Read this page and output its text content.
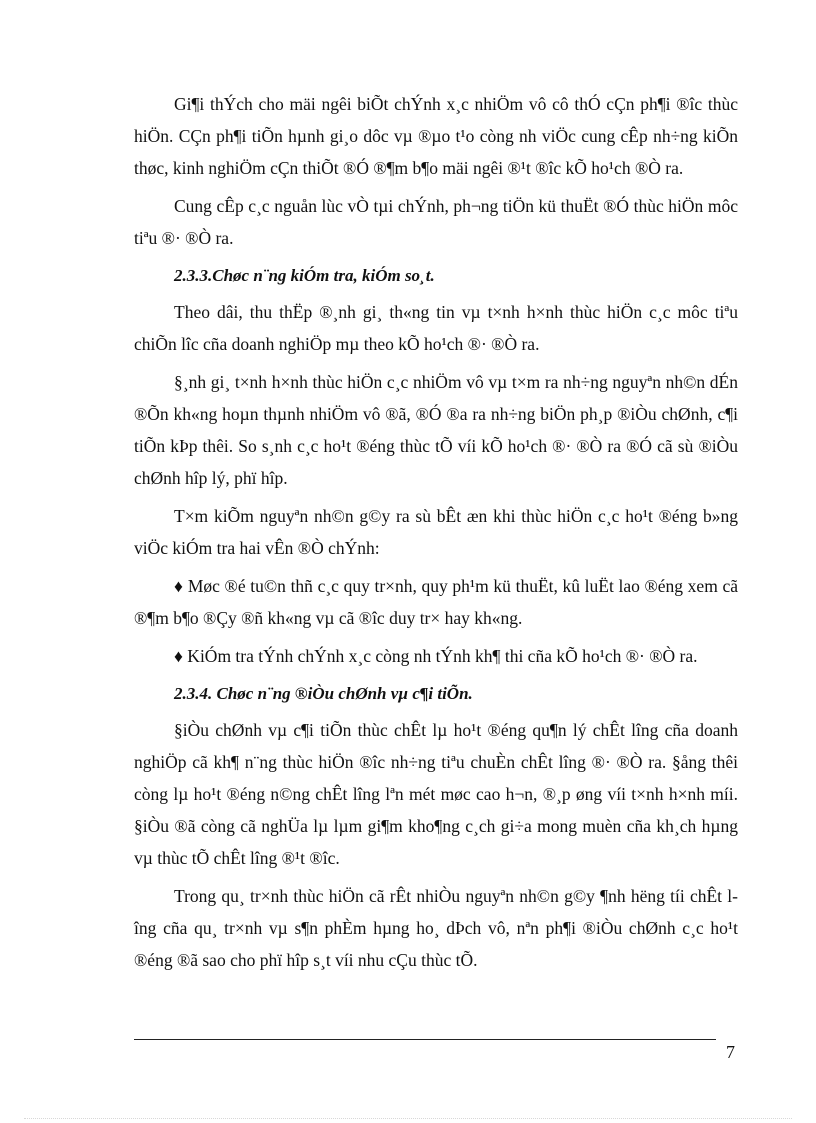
Gi¶i thÝch cho mäi ngêi biÕt chÝnh x¸c nhiÖm vô cô thÓ cÇn ph¶i ®îc thùc hiÖn. CÇn ph¶i tiÕn hµnh gi¸o dôc vµ ®µo t¹o còng nh viÖc cung cÊp nh÷ng kiÕn thøc, kinh nghiÖm cÇn thiÕt ®Ó ®¶m b¶o mäi ngêi ®¹t ®îc kÕ ho¹ch ®Ò ra.

Cung cÊp c¸c nguån lùc vÒ tµi chÝnh, ph¬ng tiÖn kü thuËt ®Ó thùc hiÖn môc tiªu ®· ®Ò ra.

2.3.3.Chøc n¨ng kiÓm tra, kiÓm so¸t.

Theo dâi, thu thËp ®¸nh gi¸ th«ng tin vµ t×nh h×nh thùc hiÖn c¸c môc tiªu chiÕn lîc cña doanh nghiÖp mµ theo kÕ ho¹ch ®· ®Ò ra.

§¸nh gi¸ t×nh h×nh thùc hiÖn c¸c nhiÖm vô vµ t×m ra nh÷ng nguyªn nh©n dÉn ®Õn kh«ng hoµn thµnh nhiÖm vô ®ã, ®Ó ®a ra nh÷ng biÖn ph¸p ®iÒu chØnh, c¶i tiÕn kÞp thêi. So s¸nh c¸c ho¹t ®éng thùc tÕ víi kÕ ho¹ch ®· ®Ò ra ®Ó cã sù ®iÒu chØnh hîp lý, phï hîp.

T×m kiÕm nguyªn nh©n g©y ra sù bÊt æn khi thùc hiÖn c¸c ho¹t ®éng b»ng viÖc kiÓm tra hai vÊn ®Ò chÝnh:

♦ Møc ®é tu©n thñ c¸c quy tr×nh, quy ph¹m kü thuËt, kû luËt lao ®éng xem cã ®¶m b¶o ®Çy ®ñ kh«ng vµ cã ®îc duy tr× hay kh«ng.

♦ KiÓm tra tÝnh chÝnh x¸c còng nh tÝnh kh¶ thi cña kÕ ho¹ch ®· ®Ò ra.

2.3.4. Chøc n¨ng ®iÒu chØnh vµ c¶i tiÕn.

§iÒu chØnh vµ c¶i tiÕn thùc chÊt lµ ho¹t ®éng qu¶n lý chÊt lîng cña doanh nghiÖp cã kh¶ n¨ng thùc hiÖn ®îc nh÷ng tiªu chuÈn chÊt lîng ®· ®Ò ra. §ång thêi còng lµ ho¹t ®éng n©ng chÊt lîng lªn mét møc cao h¬n, ®¸p øng víi t×nh h×nh míi. §iÒu ®ã còng cã nghÜa lµ lµm gi¶m kho¶ng c¸ch gi÷a mong muèn cña kh¸ch hµng vµ thùc tÕ chÊt lîng ®¹t ®îc.

Trong qu¸ tr×nh thùc hiÖn cã rÊt nhiÒu nguyªn nh©n g©y ¶nh hëng tíi chÊt lîng cña qu¸ tr×nh vµ s¶n phÈm hµng ho¸ dÞch vô, nªn ph¶i ®iÒu chØnh c¸c ho¹t ®éng ®ã sao cho phï hîp s¸t víi nhu cÇu thùc tÕ.

7
